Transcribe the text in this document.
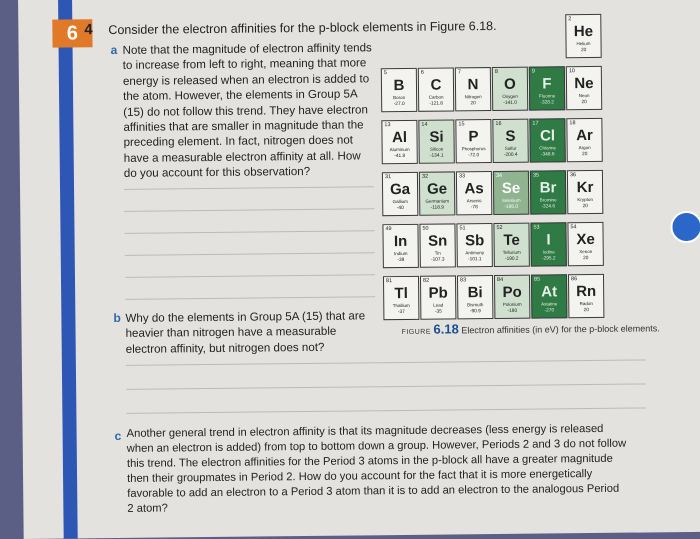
6 4 Consider the electron affinities for the p-block elements in Figure 6.18.
a Note that the magnitude of electron affinity tends to increase from left to right, meaning that more energy is released when an electron is added to the atom. However, the elements in Group 5A (15) do not follow this trend. They have electron affinities that are smaller in magnitude than the preceding element. In fact, nitrogen does not have a measurable electron affinity at all. How do you account for this observation?
b Why do the elements in Group 5A (15) that are heavier than nitrogen have a measurable electron affinity, but nitrogen does not?
c Another general trend in electron affinity is that its magnitude decreases (less energy is released when an electron is added) from top to bottom down a group. However, Periods 2 and 3 do not follow this trend. The electron affinities for the Period 3 atoms in the p-block all have a greater magnitude then their groupmates in Period 2. How do you account for the fact that it is more energetically favorable to add an electron to a Period 3 atom than it is to add an electron to the analogous Period 2 atom?
2
He
Helium
20
5
B
Boron
-27.0
6
C
Carbon
-121.8
7
N
Nitrogen
20
8
O
Oxygen
-141.0
9
F
Fluorine
-328.2
10
Ne
Neon
20
13
Al
Aluminum
-41.8
14
Si
Silicon
-134.1
15
P
Phosphorus
-72.0
16
S
Sulfur
-200.4
17
Cl
Chlorine
-348.6
18
Ar
Argon
20
31
Ga
Gallium
-40
32
Ge
Germanium
-118.9
33
As
Arsenic
-78
34
Se
Selenium
-195.0
35
Br
Bromine
-324.6
36
Kr
Krypton
20
49
In
Indium
-39
50
Sn
Tin
-107.3
51
Sb
Antimony
-101.1
52
Te
Tellurium
-190.2
53
I
Iodine
-295.2
54
Xe
Xenon
20
81
Tl
Thallium
-37
82
Pb
Lead
-35
83
Bi
Bismuth
-90.9
84
Po
Polonium
-180
85
At
Astatine
-270
86
Rn
Radon
20
FIGURE 6.18 Electron affinities (in eV) for the p-block elements.
